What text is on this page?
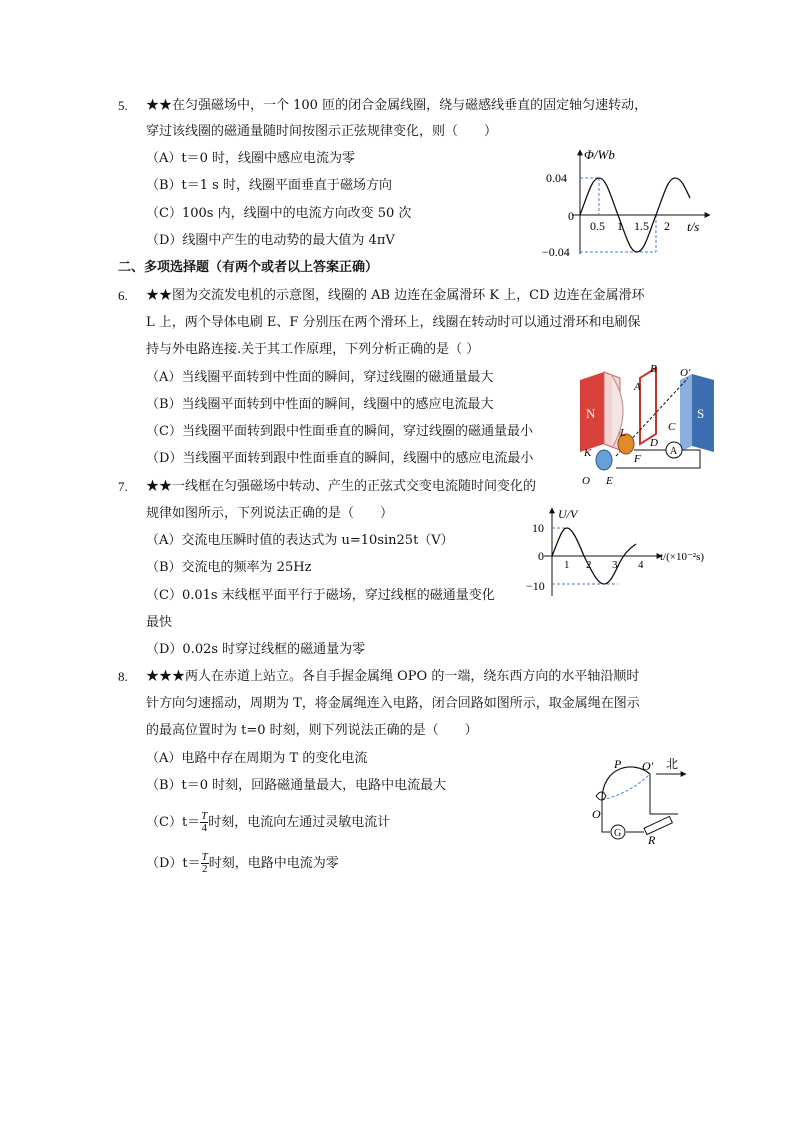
5. ★★在匀强磁场中，一个 100 匝的闭合金属线圈，绕与磁感线垂直的固定轴匀速转动，
穿过该线圈的磁通量随时间按图示正弦规律变化，则（　　）
（A）t＝0 时，线圈中感应电流为零
（B）t＝1 s 时，线圈平面垂直于磁场方向
（C）100s 内，线圈中的电流方向改变 50 次
（D）线圈中产生的电动势的最大值为 4πV
Φ/Wb
t/s
0.04
0
−0.04
0.5 1 1.5 2
二、多项选择题（有两个或者以上答案正确）
6. ★★图为交流发电机的示意图，线圈的 AB 边连在金属滑环 K 上，CD 边连在金属滑环
L 上，两个导体电刷 E、F 分别压在两个滑环上，线圈在转动时可以通过滑环和电刷保
持与外电路连接.关于其工作原理，下列分析正确的是（ ）
（A）当线圈平面转到中性面的瞬间，穿过线圈的磁通量最大
（B）当线圈平面转到中性面的瞬间，线圈中的感应电流最大
（C）当线圈平面转到跟中性面垂直的瞬间，穿过线圈的磁通量最小
（D）当线圈平面转到跟中性面垂直的瞬间，线圈中的感应电流最小
N	S
A
B
C
D
O′
L
K	F
E
O
A
7. ★★一线框在匀强磁场中转动、产生的正弦式交变电流随时间变化的
规律如图所示，下列说法正确的是（　　）
（A）交流电压瞬时值的表达式为 u=10sin25t（V）
（B）交流电的频率为 25Hz
（C）0.01s 末线框平面平行于磁场，穿过线框的磁通量变化
最快
（D）0.02s 时穿过线框的磁通量为零
U/V
t/(×10⁻²s)
10
0
−10
1 2 3 4
8. ★★★两人在赤道上站立。各自手握金属绳 OPO 的一端，绕东西方向的水平轴沿顺时
针方向匀速摇动，周期为 T，将金属绳连入电路，闭合回路如图所示，取金属绳在图示
的最高位置时为 t=0 时刻，则下列说法正确的是（　　）
（A）电路中存在周期为 T 的变化电流
（B）t＝0 时刻，回路磁通量最大，电路中电流最大
$(C)t= \frac{T}{4}$ 时刻，电流向左通过灵敏电流计
$(D)t= \frac{T}{2}$ 时刻，电路中电流为零
北
P O′
O
G R
